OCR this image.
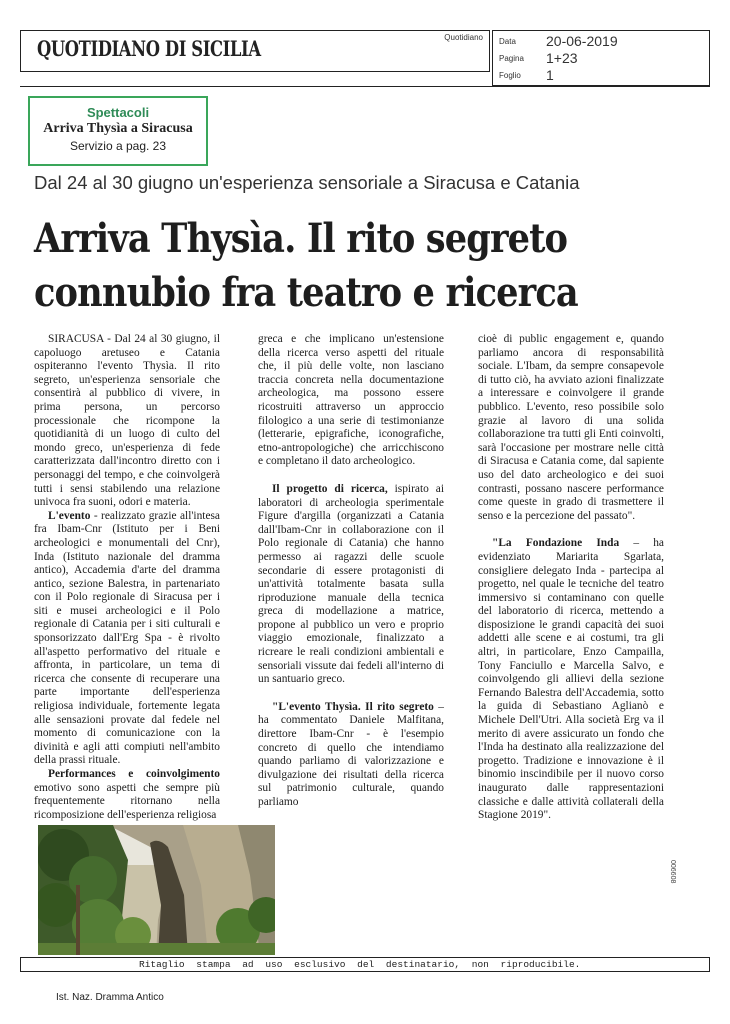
QUOTIDIANO DI SICILIA	Quotidiano Data 20-06-2019
Pagina 1+23
Foglio 1
Spettacoli
Arriva Thysìa a Siracusa
Servizio a pag. 23
Dal 24 al 30 giugno un'esperienza sensoriale a Siracusa e Catania
Arriva Thysìa. Il rito segreto
connubio fra teatro e ricerca

SIRACUSA - Dal 24 al 30 giugno, il capoluogo aretuseo e Catania ospiteranno l'evento Thysìa. Il rito segreto, un'esperienza sensoriale che consentirà al pubblico di vivere, in prima persona, un percorso processionale che ricompone la quotidianità di un luogo di culto del mondo greco, un'esperienza di fede caratterizzata dall'incontro diretto con i personaggi del tempo, e che coinvolgerà tutti i sensi stabilendo una relazione univoca fra suoni, odori e materia.

L'evento - realizzato grazie all'intesa fra Ibam-Cnr (Istituto per i Beni archeologici e monumentali del Cnr), Inda (Istituto nazionale del dramma antico), Accademia d'arte del dramma antico, sezione Balestra, in partenariato con il Polo regionale di Siracusa per i siti e musei archeologici e il Polo regionale di Catania per i siti culturali e sponsorizzato dall'Erg Spa - è rivolto all'aspetto performativo del rituale e affronta, in particolare, un tema di ricerca che consente di recuperare una parte importante dell'esperienza religiosa individuale, fortemente legata alle sensazioni provate dal fedele nel momento di comunicazione con la divinità e agli atti compiuti nell'ambito della prassi rituale.

Performances e coinvolgimento emotivo sono aspetti che sempre più frequentemente ritornano nella ricomposizione dell'esperienza religiosa

greca e che implicano un'estensione della ricerca verso aspetti del rituale che, il più delle volte, non lasciano traccia concreta nella documentazione archeologica, ma possono essere ricostruiti attraverso un approccio filologico a una serie di testimonianze (letterarie, epigrafiche, iconografiche, etno-antropologiche) che arricchiscono e completano il dato archeologico.

Il progetto di ricerca, ispirato ai laboratori di archeologia sperimentale Figure d'argilla (organizzati a Catania dall'Ibam-Cnr in collaborazione con il Polo regionale di Catania) che hanno permesso ai ragazzi delle scuole secondarie di essere protagonisti di un'attività totalmente basata sulla riproduzione manuale della tecnica greca di modellazione a matrice, propone al pubblico un vero e proprio viaggio emozionale, finalizzato a ricreare le reali condizioni ambientali e sensoriali vissute dai fedeli all'interno di un santuario greco.

"L'evento Thysìa. Il rito segreto – ha commentato Daniele Malfitana, direttore Ibam-Cnr - è l'esempio concreto di quello che intendiamo quando parliamo di valorizzazione e divulgazione dei risultati della ricerca sul patrimonio culturale, quando parliamo

cioè di public engagement e, quando parliamo ancora di responsabilità sociale. L'Ibam, da sempre consapevole di tutto ciò, ha avviato azioni finalizzate a interessare e coinvolgere il grande pubblico. L'evento, reso possibile solo grazie al lavoro di una solida collaborazione tra tutti gli Enti coinvolti, sarà l'occasione per mostrare nelle città di Siracusa e Catania come, dal sapiente uso del dato archeologico e dei suoi contrasti, possano nascere performance come queste in grado di trasmettere il senso e la percezione del passato".

"La Fondazione Inda – ha evidenziato Mariarita Sgarlata, consigliere delegato Inda - partecipa al progetto, nel quale le tecniche del teatro immersivo si contaminano con quelle del laboratorio di ricerca, mettendo a disposizione le grandi capacità dei suoi addetti alle scene e ai costumi, tra gli altri, in particolare, Enzo Campailla, Tony Fanciullo e Marcella Salvo, e coinvolgendo gli allievi della sezione Fernando Balestra dell'Accademia, sotto la guida di Sebastiano Aglianò e Michele Dell'Utri. Alla società Erg va il merito di avere assicurato un fondo che l'Inda ha destinato alla realizzazione del progetto. Tradizione e innovazione è il binomio inscindibile per il nuovo corso inaugurato dalle rappresentazioni classiche e dalle attività collaterali della Stagione 2019".

006608
Ritaglio stampa ad uso esclusivo del destinatario, non riproducibile.
Ist. Naz. Dramma Antico
